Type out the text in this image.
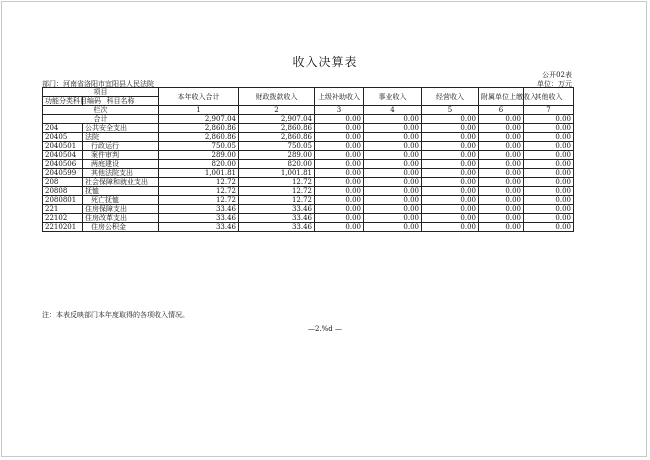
收入决算表
公开02表
部门：河南省洛阳市宜阳县人民法院	单位：万元
项目		本年收入合计	财政拨款收入	上级补助收入	事业收入	经营收入	附属单位上缴收入	其他收入
功能分类科目编码	科目名称							
栏次		1	2	3	4	5	6	7
合计		2,907.04	2,907.04	0.00	0.00	0.00	0.00	0.00
204	公共安全支出	2,860.86	2,860.86	0.00	0.00	0.00	0.00	0.00
20405	法院	2,860.86	2,860.86	0.00	0.00	0.00	0.00	0.00
2040501	行政运行	750.05	750.05	0.00	0.00	0.00	0.00	0.00
2040504	案件审判	289.00	289.00	0.00	0.00	0.00	0.00	0.00
2040506	两庭建设	820.00	820.00	0.00	0.00	0.00	0.00	0.00
2040599	其他法院支出	1,001.81	1,001.81	0.00	0.00	0.00	0.00	0.00
208	社会保障和就业支出	12.72	12.72	0.00	0.00	0.00	0.00	0.00
20808	抚恤	12.72	12.72	0.00	0.00	0.00	0.00	0.00
2080801	死亡抚恤	12.72	12.72	0.00	0.00	0.00	0.00	0.00
221	住房保障支出	33.46	33.46	0.00	0.00	0.00	0.00	0.00
22102	住房改革支出	33.46	33.46	0.00	0.00	0.00	0.00	0.00
2210201	住房公积金	33.46	33.46	0.00	0.00	0.00	0.00	0.00
注：本表反映部门本年度取得的各项收入情况。
—2.%d —
